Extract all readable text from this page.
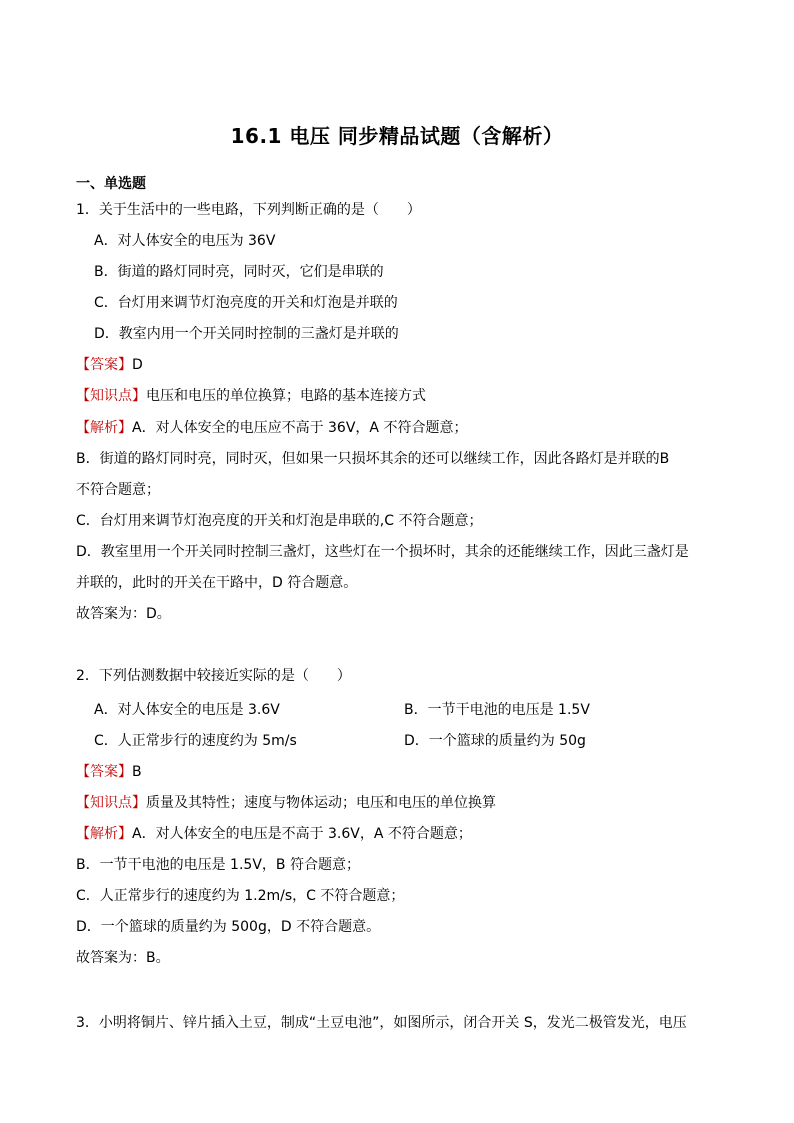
16.1 电压 同步精品试题（含解析）
一、单选题
1．关于生活中的一些电路，下列判断正确的是（　　）
A．对人体安全的电压为 36V
B．街道的路灯同时亮，同时灭，它们是串联的
C．台灯用来调节灯泡亮度的开关和灯泡是并联的
D．教室内用一个开关同时控制的三盏灯是并联的
【答案】D
【知识点】电压和电压的单位换算；电路的基本连接方式
【解析】A．对人体安全的电压应不高于 36V，A 不符合题意；
B．街道的路灯同时亮，同时灭，但如果一只损坏其余的还可以继续工作，因此各路灯是并联的B
不符合题意；
C．台灯用来调节灯泡亮度的开关和灯泡是串联的,C 不符合题意；
D．教室里用一个开关同时控制三盏灯，这些灯在一个损坏时，其余的还能继续工作，因此三盏灯是
并联的，此时的开关在干路中，D 符合题意。
故答案为：D。
2．下列估测数据中较接近实际的是（　　）
A．对人体安全的电压是 3.6V	B．一节干电池的电压是 1.5V
C．人正常步行的速度约为 5m/s	D．一个篮球的质量约为 50g
【答案】B
【知识点】质量及其特性；速度与物体运动；电压和电压的单位换算
【解析】A．对人体安全的电压是不高于 3.6V，A 不符合题意；
B．一节干电池的电压是 1.5V，B 符合题意；
C．人正常步行的速度约为 1.2m/s，C 不符合题意；
D．一个篮球的质量约为 500g，D 不符合题意。
故答案为：B。
3．小明将铜片、锌片插入土豆，制成“土豆电池”，如图所示，闭合开关 S，发光二极管发光，电压
